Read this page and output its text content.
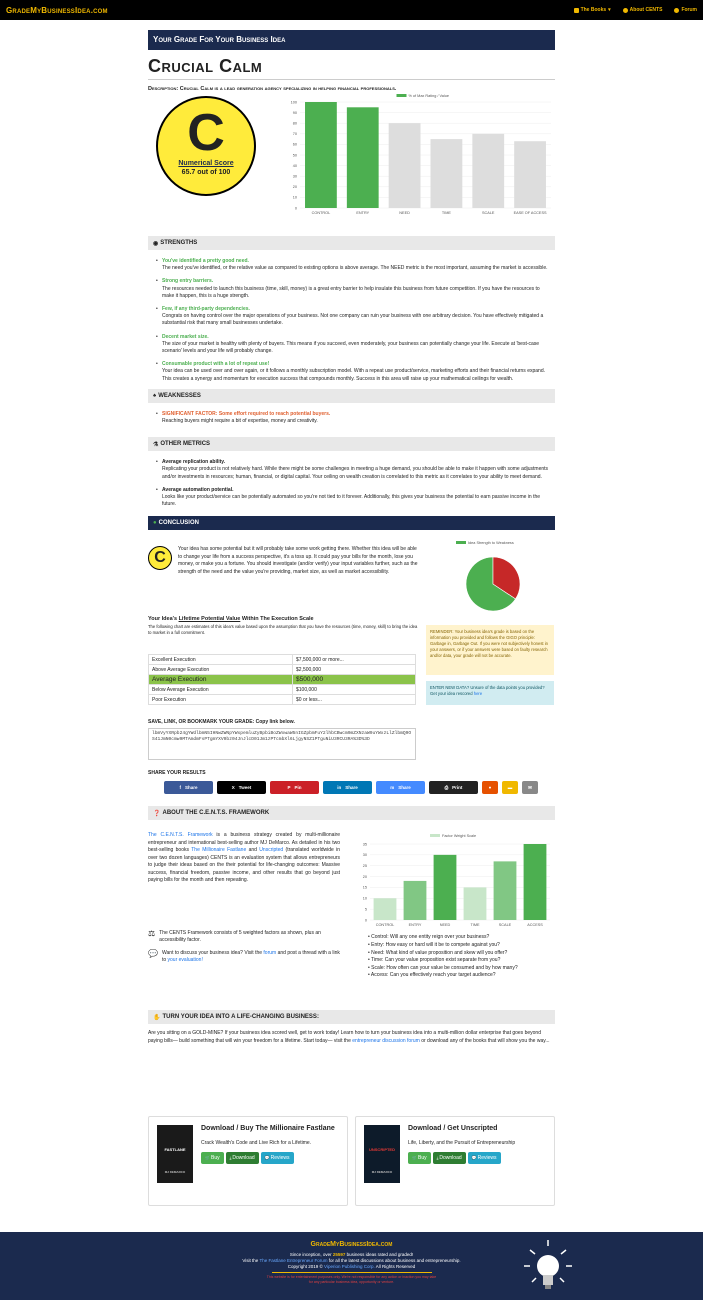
GradeMyBusinessIdea.com	The Books ▾	About CENTS	Forum
Your Grade For Your Business Idea
Crucial Calm
Description: Crucial Calm is a lead generation agency specializing in helping financial professionals.
C
Numerical Score
65.7 out of 100
% of Max Rating / Value
0
10
20
30
40
50
60
70
80
90
100
CONTROL	ENTRY	NEED	TIME	SCALE	EASE OF ACCESS
◉ STRENGTHS
• You've identified a pretty good need.
The need you've identified, or the relative value as compared to existing options is above average. The NEED metric is the most important, assuming the market is accessible.
• Strong entry barriers.
The resources needed to launch this business (time, skill, money) is a great entry barrier to help insulate this business from future competition. If you have the resources to make it happen, this is a huge strength.
• Few, if any third-party dependencies.
Congrats on having control over the major operations of your business. Not one company can ruin your business with one arbitrary decision. You have effectively mitigated a substantial risk that many small businesses undertake.
• Decent market size.
The size of your market is healthy with plenty of buyers. This means if you succeed, even moderately, your business can potentially change your life. Execute at 'best-case scenario' levels and your life will probably change.
• Consumable product with a lot of repeat use!
Your idea can be used over and over again, or it follows a monthly subscription model. With a repeat use product/service, marketing efforts and their financial returns expand. This creates a synergy and momentum for execution success that compounds monthly. Success in this area will raise up your mathematical ceilings for wealth.
♠ WEAKNESSES
• SIGNIFICANT FACTOR: Some effort required to reach potential buyers.
Reaching buyers might require a bit of expertise, money and creativity.
⚗ OTHER METRICS
• Average replication ability.
Replicating your product is not relatively hard. While there might be some challenges in meeting a huge demand, you should be able to make it happen with some adjustments and/or investments in resources; human, financial, or digital capital. Your ceiling on wealth creation is correlated to this metric as it correlates to your ability to meet demand.
• Average automation potential.
Looks like your product/service can be potentially automated so you're not tied to it forever. Additionally, this gives your business the potential to earn passive income in the future.
● CONCLUSION
C	Your idea has some potential but it will probably take some work getting there. Whether this idea will be able to change your life from a success perspective, it's a toss up. It could pay your bills for the month, lose you money, or make you a fortune. You should investigate (and/or verify) your input variables further, such as the strength of the need and the value you're providing, market size, as well as market accessibility.
Idea Strength to Weakness
Your Idea's Lifetime Potential Value Within The Execution Scale
The following chart are estimates of this idea's value based upon the assumption that you have the resources (time, money, skill) to bring the idea to market in a full commitment.
Excellent Execution	$7,500,000 or more...
Above Average Execution	$2,500,000
Average Execution	$500,000
Below Average Execution	$100,000
Poor Execution	$0 or less...
REMINDER: Your business idea's grade is based on the information you provided and follows the GIGO principle: Garbage in, Garbage Out. If you were not subjectively honest in your answers, or if your answers were based on faulty research and/or data, your grade will not be accurate.
ENTER NEW DATA? Unsure of the data points you provided? Get your idea rescored here
SAVE, LINK, OR BOOKMARK YOUR GRADE: Copy link below.
lbmVyYXRpb24gYWdlbmN5IHNwZWNpYWxpemluZyBpbiBoZWxwaW5nIGZpbmFuY2lhbCBwcm9mZXNzaW9uYWxzLlZlbmQ9OS41JmN0cmw9MTAmdmFsPTgmYXV0bz04JnJlcD01Jm1zPTcmbXl6LjgyNSZ1PTguNiU3RCU3RA%3D%3D
SHARE YOUR RESULTS
f Share	X Tweet	P Pin	in Share	m Share	⎙ Print	●	▬	✉
❓ ABOUT THE C.E.N.T.S. FRAMEWORK
The C.E.N.T.S. Framework is a business strategy created by multi-millionaire entrepreneur and international best-selling author MJ DeMarco. As detailed in his two best-selling books The Millionaire Fastlane and Unscripted (translated worldwide in over two dozen languages) CENTS is an evaluation system that allows entrepreneurs to judge their ideas based on the their potential for life-changing outcomes: Massive success, financial freedom, passive income, and other results that go beyond just paying bills for the month and then repeating.
⚖ The CENTS Framework consists of 5 weighted factors as shown, plus an accessibility factor.
💬 Want to discuss your business idea? Visit the forum and post a thread with a link to your evaluation!
Factor Weight Scale
0
5
10
15
20
25
30
35
CONTROL	ENTRY	NEED	TIME	SCALE	ACCESS
• Control: Will any one entity reign over your business?
• Entry: How easy or hard will it be to compete against you?
• Need: What kind of value proposition and skew will you offer?
• Time: Can your value proposition exist separate from you?
• Scale: How often can your value be consumed and by how many?
• Access: Can you effectively reach your target audience?
✋ TURN YOUR IDEA INTO A LIFE-CHANGING BUSINESS:
Are you sitting on a GOLD-MINE? If your business idea scored well, get to work today! Learn how to turn your business idea into a multi-million dollar enterprise that goes beyond paying bills— build something that will win your freedom for a lifetime. Start today— visit the entrepreneur discussion forum or download any of the books that will show you the way...
FASTLANE
MJ DEMARCO
Download / Buy The Millionaire Fastlane
Crack Wealth's Code and Live Rich for a Lifetime.
🛒Buy	⤓Download	💬Reviews
UNSCRIPTED
MJ DEMARCO
Download / Get Unscripted
Life, Liberty, and the Pursuit of Entrepreneurship
🛒Buy	⤓Download	💬Reviews
GradeMyBusinessIdea.com
Since inception, over 25597 business ideas rated and graded!
Visit the The Fastlane Entrepreneur Forum for all the latest discussions about business and entrepreneurship.
Copyright 2019 © Viperion Publishing Corp. All Rights Reserved
This website is for entertainment purposes only. We're not responsible for any action or inaction you may take
for any particular business idea, opportunity or venture.
